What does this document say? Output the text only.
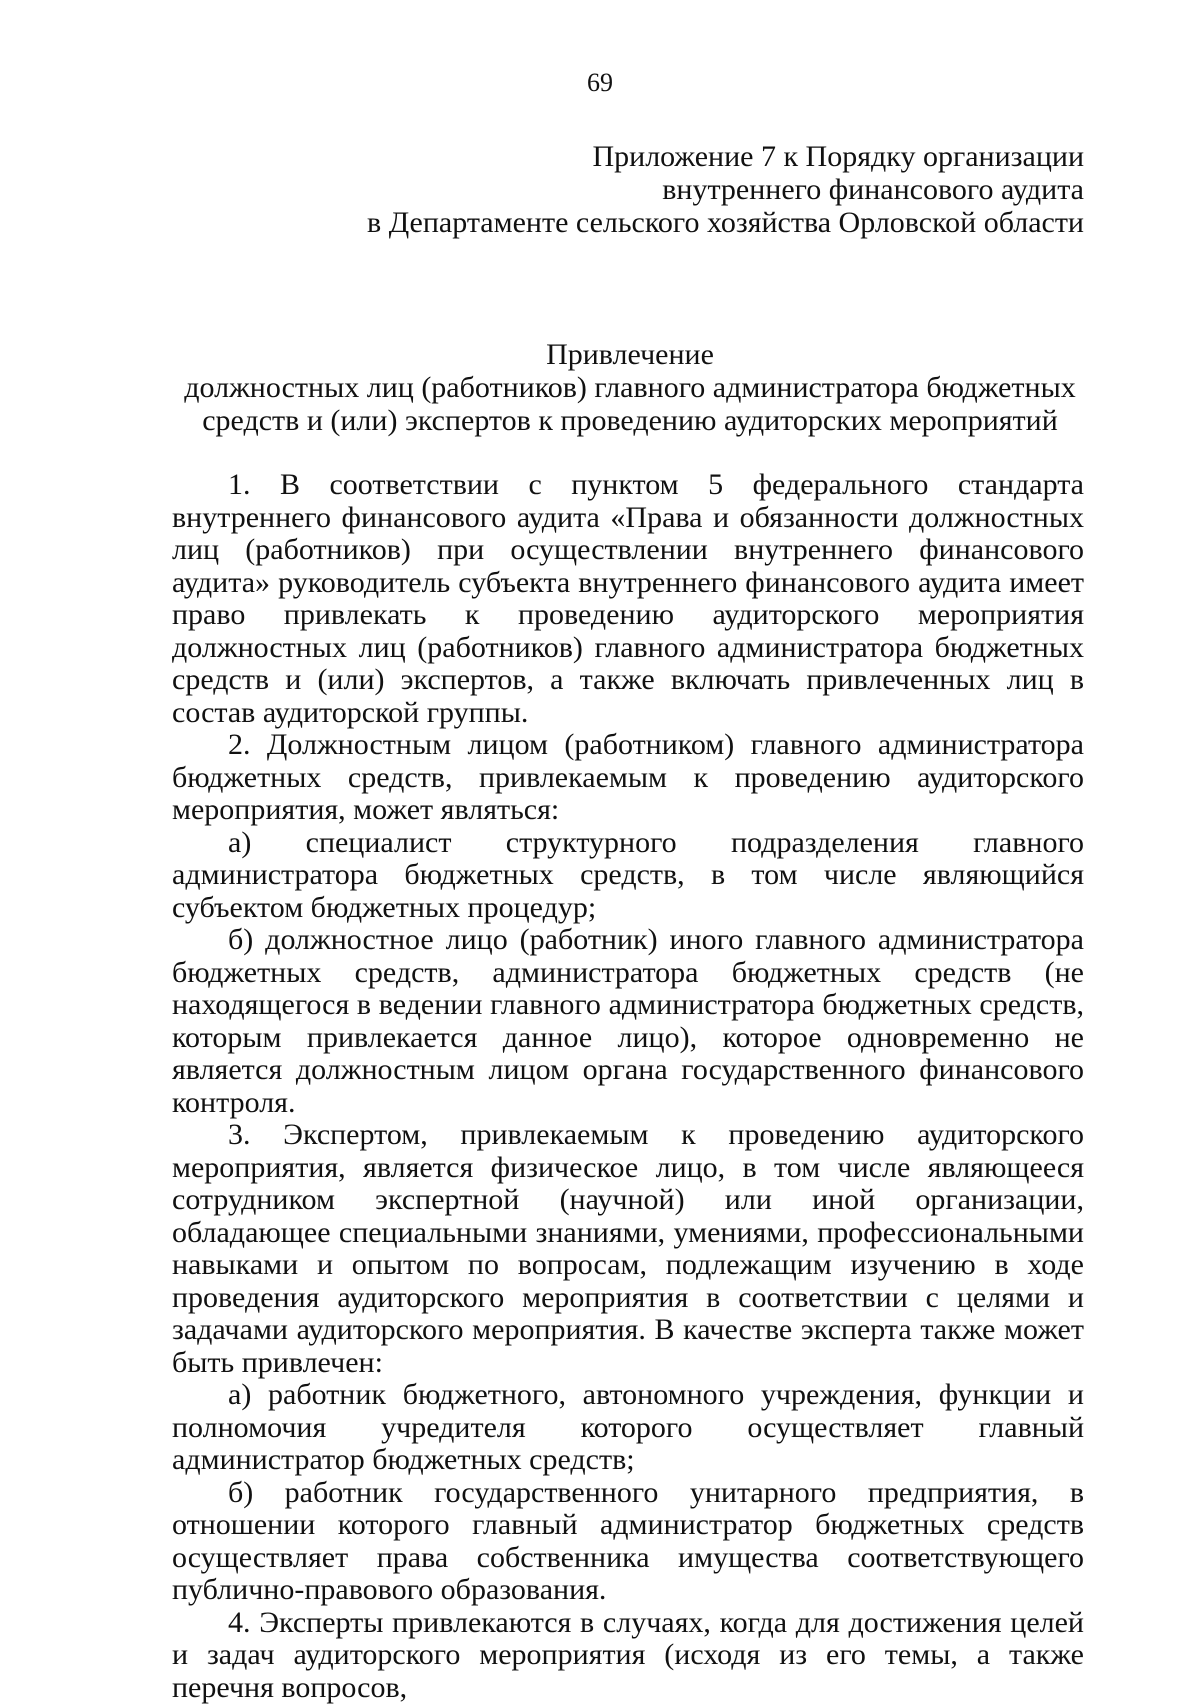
69
Приложение 7 к Порядку организации
внутреннего финансового аудита
в Департаменте сельского хозяйства Орловской области
Привлечение
должностных лиц (работников) главного администратора бюджетных
средств и (или) экспертов к проведению аудиторских мероприятий

1. В соответствии с пунктом 5 федерального стандарта внутреннего финансового аудита «Права и обязанности должностных лиц (работников) при осуществлении внутреннего финансового аудита» руководитель субъекта внутреннего финансового аудита имеет право привлекать к проведению аудиторского мероприятия должностных лиц (работников) главного администратора бюджетных средств и (или) экспертов, а также включать привлеченных лиц в состав аудиторской группы.

2. Должностным лицом (работником) главного администратора бюджетных средств, привлекаемым к проведению аудиторского мероприятия, может являться:

а) специалист структурного подразделения главного администратора бюджетных средств, в том числе являющийся субъектом бюджетных процедур;

б) должностное лицо (работник) иного главного администратора бюджетных средств, администратора бюджетных средств (не находящегося в ведении главного администратора бюджетных средств, которым привлекается данное лицо), которое одновременно не является должностным лицом органа государственного финансового контроля.

3. Экспертом, привлекаемым к проведению аудиторского мероприятия, является физическое лицо, в том числе являющееся сотрудником экспертной (научной) или иной организации, обладающее специальными знаниями, умениями, профессиональными навыками и опытом по вопросам, подлежащим изучению в ходе проведения аудиторского мероприятия в соответствии с целями и задачами аудиторского мероприятия. В качестве эксперта также может быть привлечен:

а) работник бюджетного, автономного учреждения, функции и полномочия учредителя которого осуществляет главный администратор бюджетных средств;

б) работник государственного унитарного предприятия, в отношении которого главный администратор бюджетных средств осуществляет права собственника имущества соответствующего публично-правового образования.

4. Эксперты привлекаются в случаях, когда для достижения целей и задач аудиторского мероприятия (исходя из его темы, а также перечня вопросов,
